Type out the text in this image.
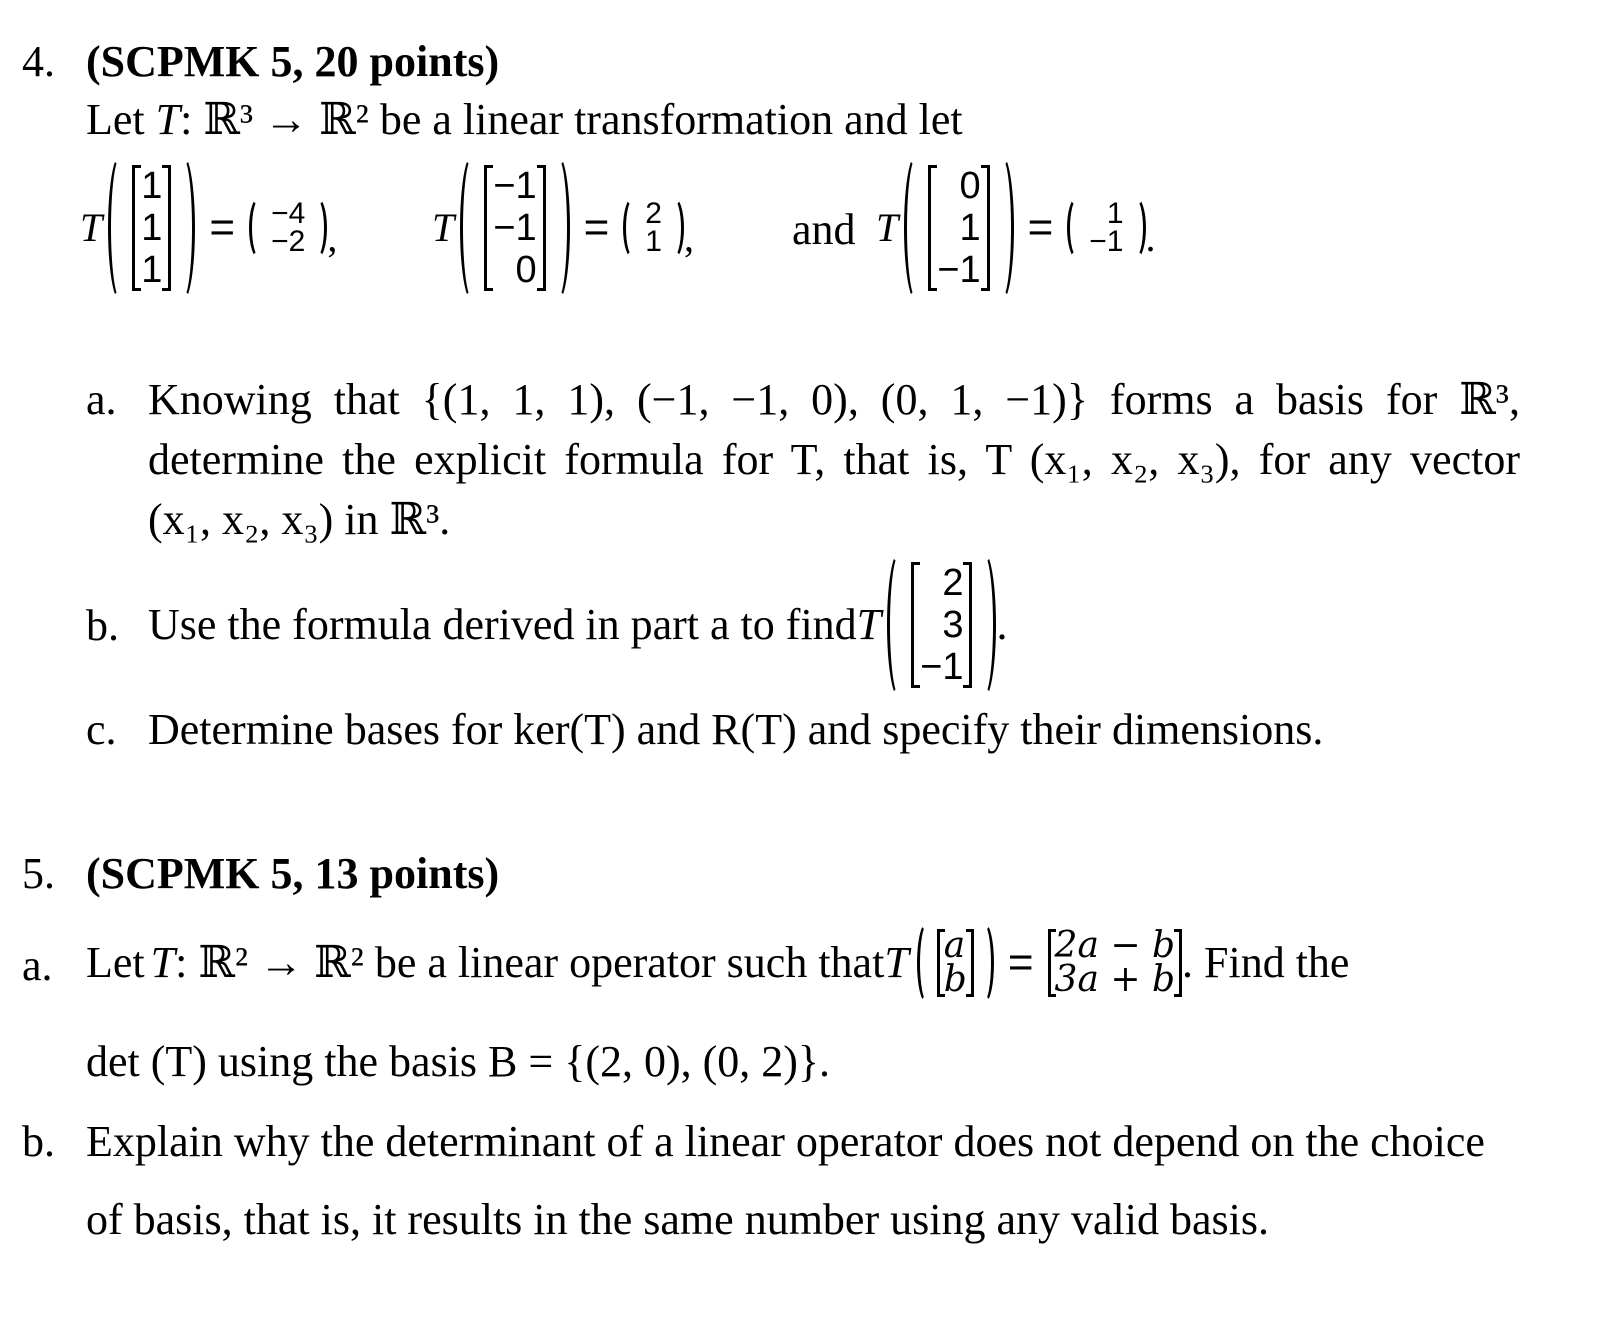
4. (SCPMK 5, 20 points)
Let T: ℝ³ → ℝ² be a linear transformation and let
T
1
1
1
= −4
−2 , T
−1
−1
0
= 2
1 , and T
0
1
−1
= 1
−1 .
a. Knowing that {(1, 1, 1), (−1, −1, 0), (0, 1, −1)} forms a basis for ℝ³,
determine the explicit formula for T, that is, T (x₁, x₂, x₃), for any vector
(x₁, x₂, x₃) in ℝ³.
b. Use the formula derived in part a to find T
2
3
−1
.
c. Determine bases for ker(T) and R(T) and specify their dimensions.
5. (SCPMK 5, 13 points)
a. Let T : ℝ² → ℝ² be a linear operator such that T a
b = 2a − b
3a + b . Find the
det (T) using the basis B = {(2, 0), (0, 2)}.
b. Explain why the determinant of a linear operator does not depend on the choice
of basis, that is, it results in the same number using any valid basis.
